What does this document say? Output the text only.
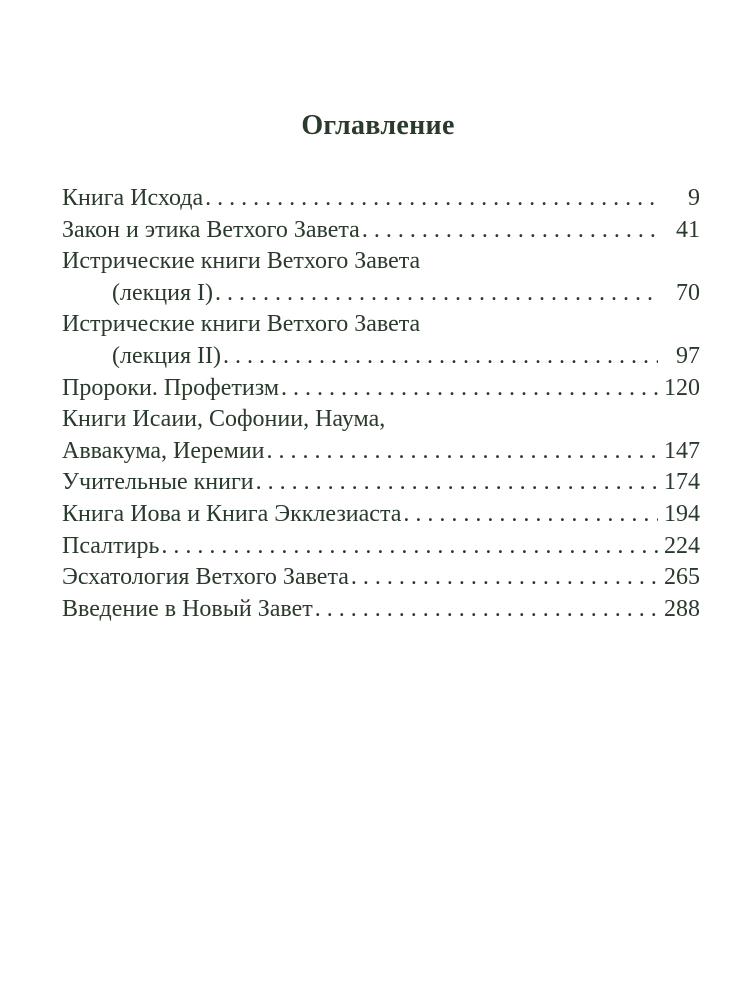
Оглавление
Книга Исхода . . .	9
Закон и этика Ветхого Завета . . .	41
Истрические книги Ветхого Завета
(лекция I) . . .	70
Истрические книги Ветхого Завета
(лекция II) . . .	97
Пророки. Профетизм . . .	120
Книги Исаии, Софонии, Наума,
Аввакума, Иеремии . . .	147
Учительные книги . . .	174
Книга Иова и Книга Экклезиаста . . .	194
Псалтирь . . .	224
Эсхатология Ветхого Завета . . .	265
Введение в Новый Завет . . .	288
